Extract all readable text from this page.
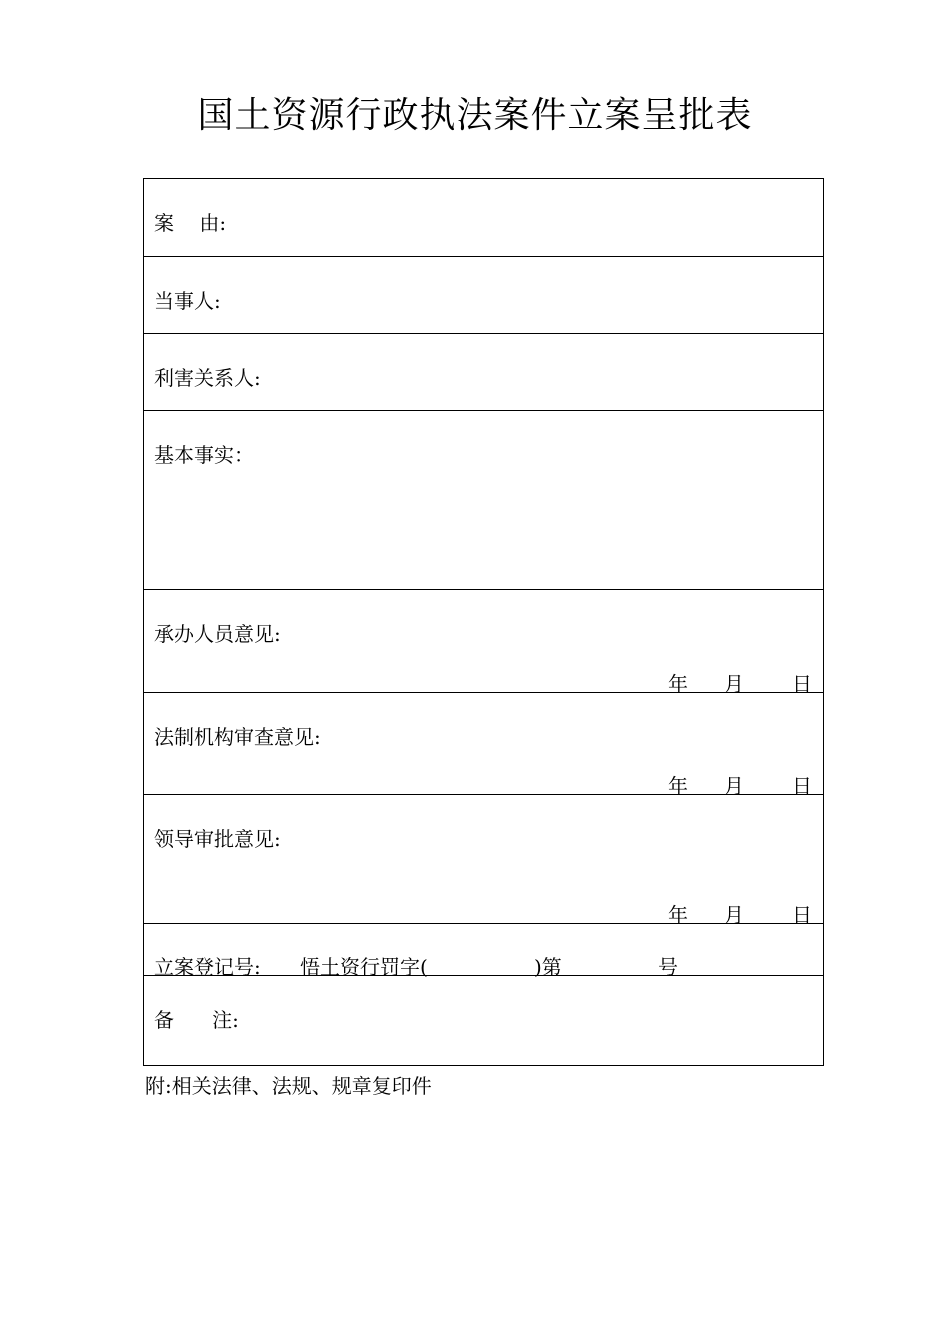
国土资源行政执法案件立案呈批表
案    由:
当事人:
利害关系人:
基本事实：
承办人员意见:
年 月 日
法制机构审查意见:
年 月 日
领导审批意见:
年 月 日
立案登记号: 悟土资行罚字(	)第	号
备      注:
附:相关法律、法规、规章复印件
